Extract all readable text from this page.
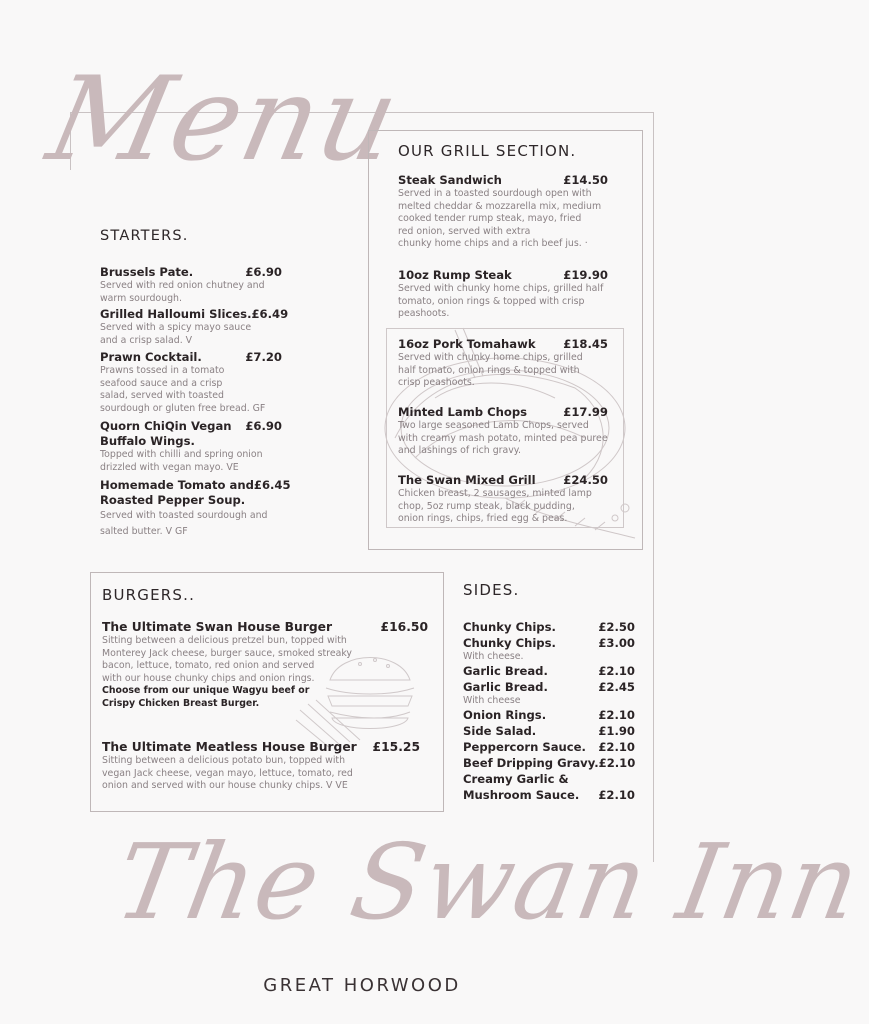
Menu
STARTERS.
Brussels Pate.	£6.90
Served with red onion chutney and
warm sourdough.
Grilled Halloumi Slices. £6.49
Served with a spicy mayo sauce
and a crisp salad. V
Prawn Cocktail.	£7.20
Prawns tossed in a tomato
seafood sauce and a crisp
salad, served with toasted
sourdough or gluten free bread. GF
Quorn ChiQin Vegan £6.90
Buffalo Wings.
Topped with chilli and spring onion
drizzled with vegan mayo. VE
Homemade Tomato and £6.45
Roasted Pepper Soup.
Served with toasted sourdough and
salted butter. V GF
OUR GRILL SECTION.
Steak Sandwich	£14.50
Served in a toasted sourdough open with
melted cheddar & mozzarella mix, medium
cooked tender rump steak, mayo, fried
red onion, served with extra
chunky home chips and a rich beef jus. ·
10oz Rump Steak	£19.90
Served with chunky home chips, grilled half
tomato, onion rings & topped with crisp
peashoots.
16oz Pork Tomahawk £18.45
Served with chunky home chips, grilled
half tomato, onion rings & topped with
crisp peashoots.
Minted Lamb Chops	£17.99
Two large seasoned Lamb Chops, served
with creamy mash potato, minted pea puree
and lashings of rich gravy.
The Swan Mixed Grill £24.50
Chicken breast, 2 sausages, minted lamp
chop, 5oz rump steak, black pudding,
onion rings, chips, fried egg & peas.
BURGERS..
The Ultimate Swan House Burger	£16.50
Sitting between a delicious pretzel bun, topped with
Monterey Jack cheese, burger sauce, smoked streaky
bacon, lettuce, tomato, red onion and served
with our house chunky chips and onion rings.
Choose from our unique Wagyu beef or
Crispy Chicken Breast Burger.
The Ultimate Meatless House Burger £15.25
Sitting between a delicious potato bun, topped with
vegan Jack cheese, vegan mayo, lettuce, tomato, red
onion and served with our house chunky chips. V VE
SIDES.
Chunky Chips.	£2.50
Chunky Chips.	£3.00
With cheese.
Garlic Bread.	£2.10
Garlic Bread.	£2.45
With cheese
Onion Rings.	£2.10
Side Salad.	£1.90
Peppercorn Sauce. £2.10
Beef Dripping Gravy. £2.10
Creamy Garlic &
Mushroom Sauce. £2.10
The Swan Inn
GREAT HORWOOD
